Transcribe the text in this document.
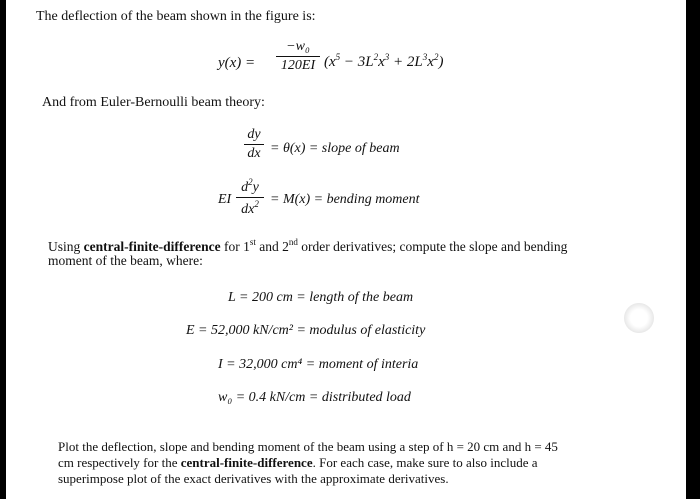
The deflection of the beam shown in the figure is:
y(x) =
−w₀
120EI $(x^5 - 3L^2x^3 + 2L^3x^2)$
And from Euler-Bernoulli beam theory:
dy
dx = θ(x) = slope of beam
EI
$d^2y$
$dx^2 = M(x)$ = bending moment
Using central-finite-difference for 1st and 2nd order derivatives; compute the slope and bending
moment of the beam, where:
L = 200 cm = length of the beam
E = 52,000 kN/cm² = modulus of elasticity
I = 32,000 cm⁴ = moment of interia
w₀ = 0.4 kN/cm = distributed load
Plot the deflection, slope and bending moment of the beam using a step of h = 20 cm and h = 45
cm respectively for the central-finite-difference. For each case, make sure to also include a
superimpose plot of the exact derivatives with the approximate derivatives.
